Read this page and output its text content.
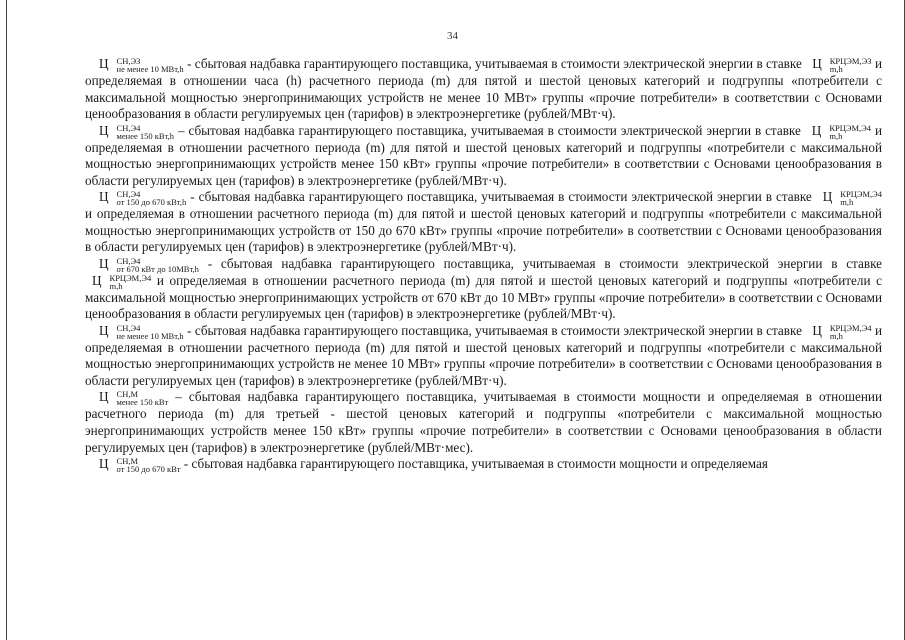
34

Ц СН,ЭЗ
не менее 10 МВт,h - сбытовая надбавка гарантирующего поставщика, учитываемая в стоимости электрической энергии в ставке Ц КРЦЭМ,ЭЗ
m,h	и определяемая в отношении часа (h) расчетного периода (m) для пятой и шестой ценовых категорий и подгруппы «потребители с максимальной мощностью энергопринимающих устройств не менее 10 МВт» группы «прочие потребители» в соответствии с Основами ценообразования в области регулируемых цен (тарифов) в электроэнергетике (рублей/МВт·ч).

Ц СН,Э4
менее 150 кВт,h – сбытовая надбавка гарантирующего поставщика, учитываемая в стоимости электрической энергии в ставке Ц КРЦЭМ,Э4
m,h	и определяемая в отношении расчетного периода (m) для пятой и шестой ценовых категорий и подгруппы «потребители с максимальной мощностью энергопринимающих устройств менее 150 кВт» группы «прочие потребители» в соответствии с Основами ценообразования в области регулируемых цен (тарифов) в электроэнергетике (рублей/МВт·ч).

Ц СН,Э4
от 150 до 670 кВт,h - сбытовая надбавка гарантирующего поставщика, учитываемая в стоимости электрической энергии в ставке Ц КРЦЭМ,Э4
m,h
и определяемая в отношении расчетного периода (m) для пятой и шестой ценовых категорий и подгруппы «потребители с максимальной мощностью энергопринимающих устройств от 150 до 670 кВт» группы «прочие потребители» в соответствии с Основами ценообразования в области регулируемых цен (тарифов) в электроэнергетике (рублей/МВт·ч).

Ц СН,Э4
от 670 кВт до 10МВт,h - сбытовая надбавка гарантирующего поставщика, учитываемая в стоимости электрической энергии в ставке Ц КРЦЭМ,Э4
m,h	и определяемая в отношении расчетного периода (m) для пятой и шестой ценовых категорий и подгруппы «потребители с максимальной мощностью энергопринимающих устройств от 670 кВт до 10 МВт» группы «прочие потребители» в соответствии с Основами ценообразования в области регулируемых цен (тарифов) в электроэнергетике (рублей/МВт·ч).

Ц СН,Э4
не менее 10 МВт,h - сбытовая надбавка гарантирующего поставщика, учитываемая в стоимости электрической энергии в ставке Ц КРЦЭМ,Э4
m,h	и определяемая в отношении расчетного периода (m) для пятой и шестой ценовых категорий и подгруппы «потребители с максимальной мощностью энергопринимающих устройств не менее 10 МВт» группы «прочие потребители» в соответствии с Основами ценообразования в области регулируемых цен (тарифов) в электроэнергетике (рублей/МВт·ч).

Ц СН,М
менее 150 кВт – сбытовая надбавка гарантирующего поставщика, учитываемая в стоимости мощности и определяемая в отношении расчетного периода (m) для третьей - шестой ценовых категорий и подгруппы «потребители с максимальной мощностью энергопринимающих устройств менее 150 кВт» группы «прочие потребители» в соответствии с Основами ценообразования в области регулируемых цен (тарифов) в электроэнергетике (рублей/МВт·мес).

Ц СН,М
от 150 до 670 кВт - сбытовая надбавка гарантирующего поставщика, учитываемая в стоимости мощности и определяемая
